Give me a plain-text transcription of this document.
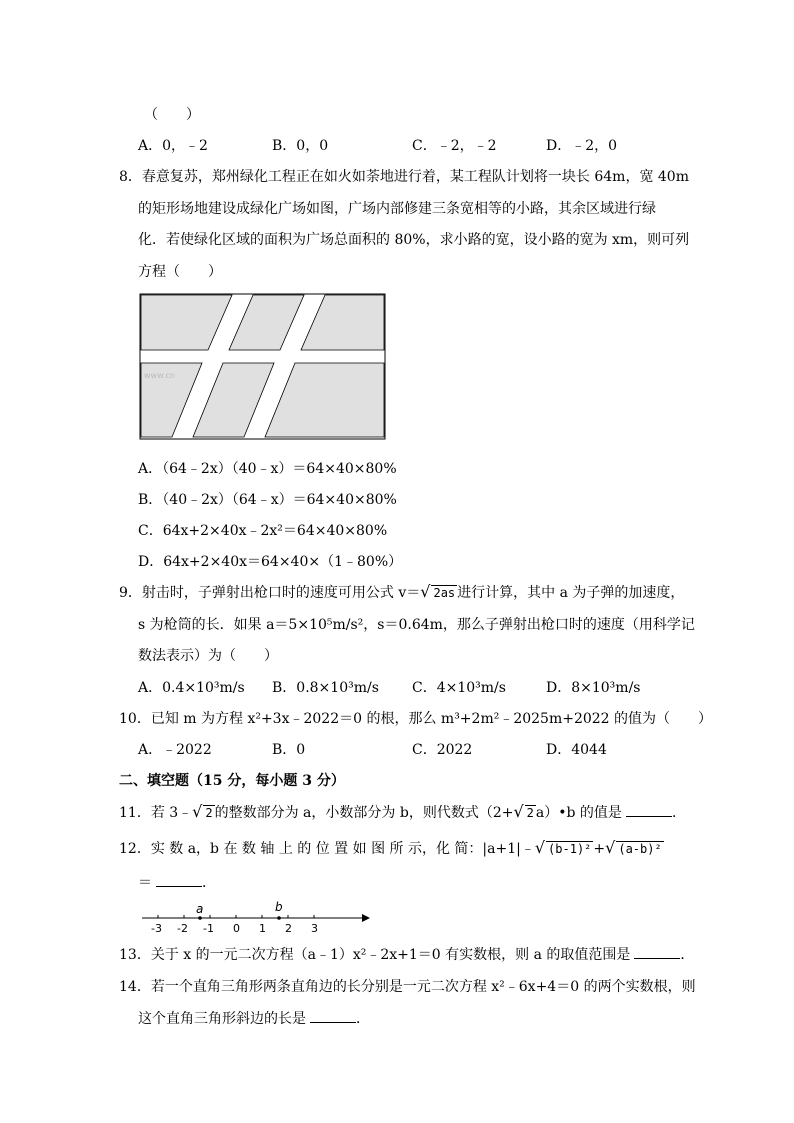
（　　）
A．0，﹣2	B．0，0	C．﹣2，﹣2	D．﹣2，0
8．春意复苏，郑州绿化工程正在如火如荼地进行着，某工程队计划将一块长 64m，宽 40m
的矩形场地建设成绿化广场如图，广场内部修建三条宽相等的小路，其余区域进行绿
化．若使绿化区域的面积为广场总面积的 80%，求小路的宽，设小路的宽为 xm，则可列
方程（　　）
www.cn
A．（64﹣2x）（40﹣x）＝64×40×80%
B．（40﹣2x）（64﹣x）＝64×40×80%
C．64x+2×40x﹣2x²＝64×40×80%
D．64x+2×40x＝64×40×（1﹣80%）
9．射击时，子弹射出枪口时的速度可用公式 v＝√ 2as 进行计算，其中 a 为子弹的加速度，
s 为枪筒的长．如果 a＝5×10⁵m/s²，s＝0.64m，那么子弹射出枪口时的速度（用科学记
数法表示）为（　　）
A．0.4×10³m/s B．0.8×10³m/s C．4×10³m/s	D．8×10³m/s
10．已知 m 为方程 x²+3x﹣2022＝0 的根，那么 m³+2m²﹣2025m+2022 的值为（　　）
A．﹣2022	B．0	C．2022	D．4044
二、填空题（15 分，每小题 3 分）
11．若 3﹣√ 2 的整数部分为 a，小数部分为 b，则代数式（2+√ 2 a）•b 的值是	．
12．实 数 a，b 在 数 轴 上 的 位 置 如 图 所 示，化 简：|a+1|﹣√ (b-1)² +√ (a-b)²
＝	．
-3 -2 -1 0 1 2 3
a	b
13．关于 x 的一元二次方程（a﹣1）x²﹣2x+1＝0 有实数根，则 a 的取值范围是	．
14．若一个直角三角形两条直角边的长分别是一元二次方程 x²﹣6x+4＝0 的两个实数根，则
这个直角三角形斜边的长是	．
